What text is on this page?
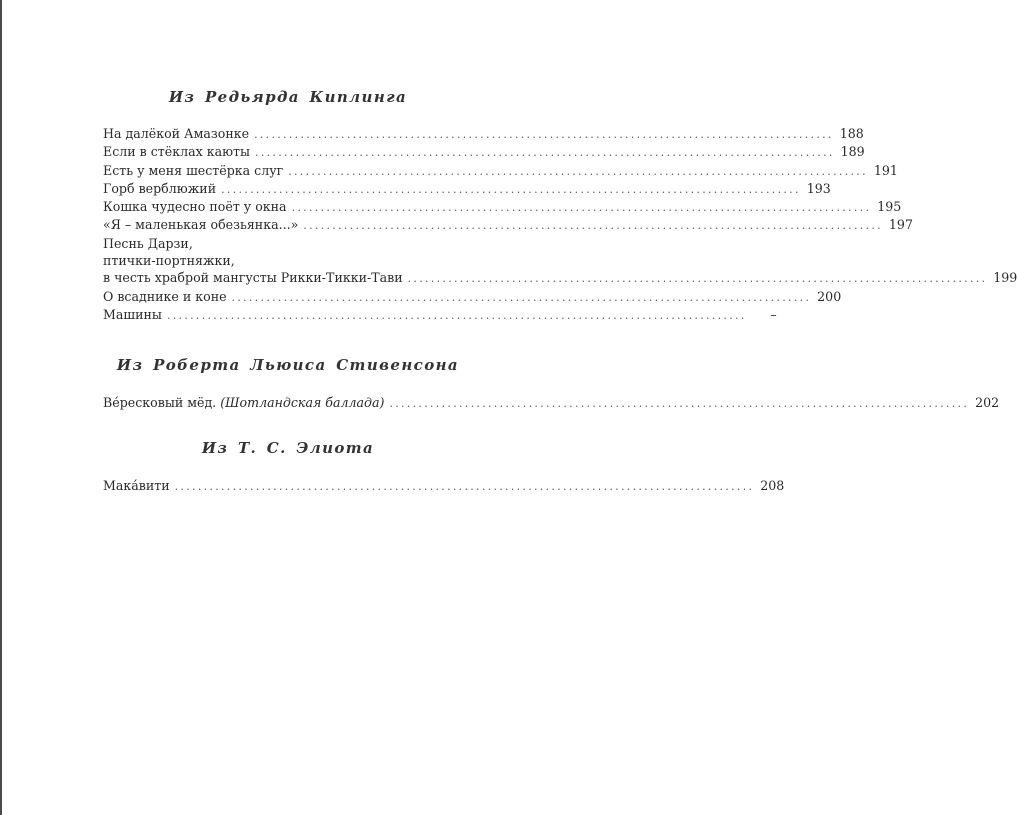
Из Редьярда Киплинга
На далёкой Амазонке .................................................................................................... 188
Если в стёклах каюты .................................................................................................... 189
Есть у меня шестёрка слуг .................................................................................................... 191
Горб верблюжий .................................................................................................... 193
Кошка чудесно поёт у окна .................................................................................................... 195
«Я – маленькая обезьянка...» .................................................................................................... 197
Песнь Дарзи,
птички-портняжки,
в честь храброй мангусты Рикки-Тикки-Тави .................................................................................................... 199
О всаднике и коне .................................................................................................... 200
Машины ....................................................................................................	–
Из Роберта Льюиса Стивенсона
Ве́ресковый мёд. (Шотландская баллада) .................................................................................................... 202
Из Т. С. Элиота
Мака́вити .................................................................................................... 208
